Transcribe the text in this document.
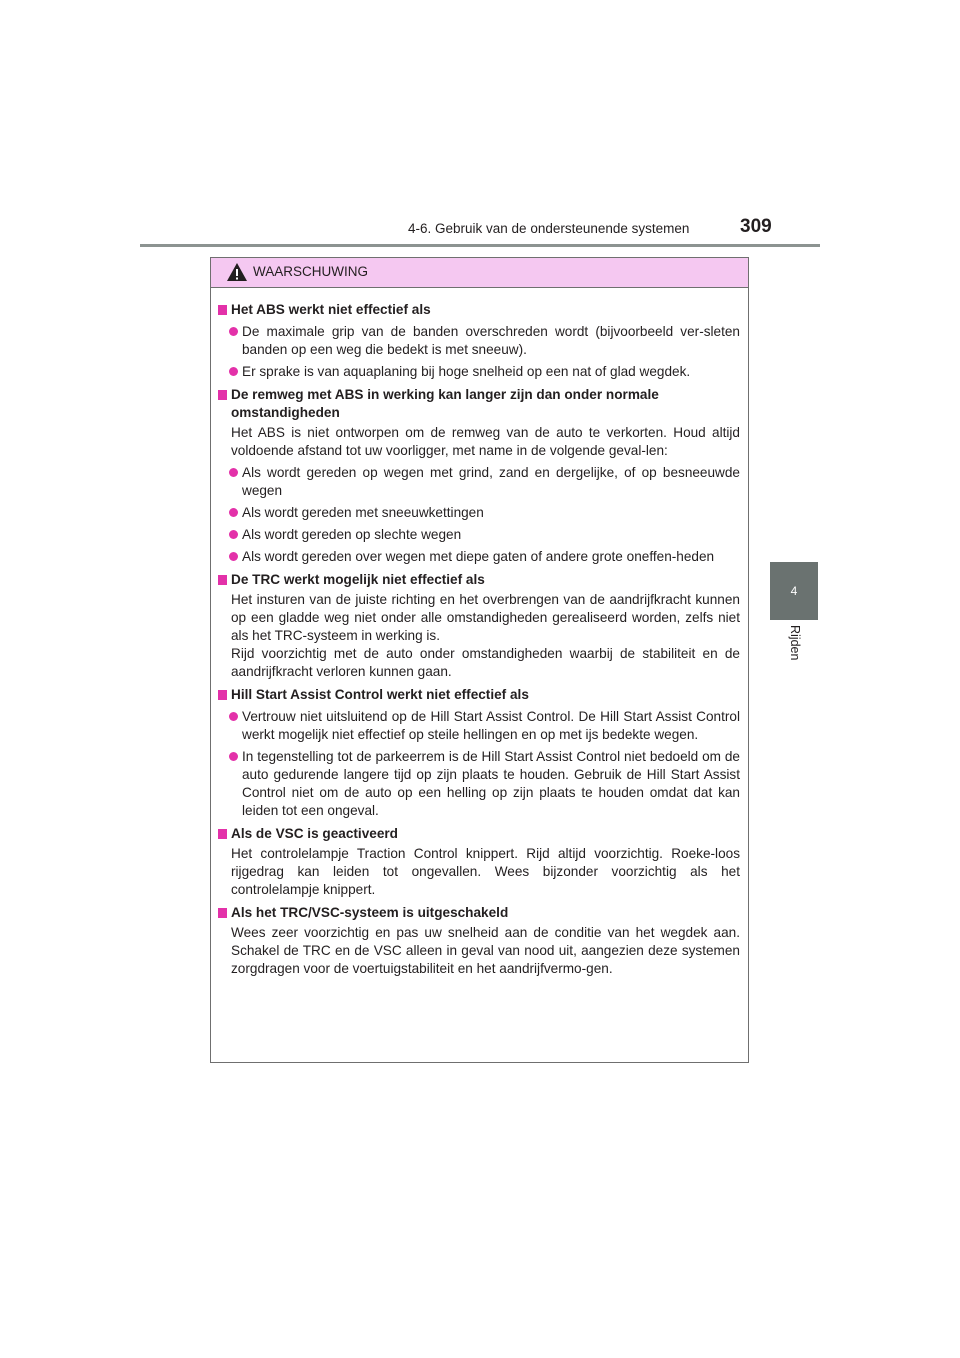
4-6. Gebruik van de ondersteunende systemen	309
4
Rijden
WAARSCHUWING
Het ABS werkt niet effectief als
De maximale grip van de banden overschreden wordt (bijvoorbeeld ver-sleten banden op een weg die bedekt is met sneeuw).
Er sprake is van aquaplaning bij hoge snelheid op een nat of glad wegdek.
De remweg met ABS in werking kan langer zijn dan onder normale omstandigheden
Het ABS is niet ontworpen om de remweg van de auto te verkorten. Houd altijd voldoende afstand tot uw voorligger, met name in de volgende geval-len:
Als wordt gereden op wegen met grind, zand en dergelijke, of op besneeuwde wegen
Als wordt gereden met sneeuwkettingen
Als wordt gereden op slechte wegen
Als wordt gereden over wegen met diepe gaten of andere grote oneffen-heden
De TRC werkt mogelijk niet effectief als
Het insturen van de juiste richting en het overbrengen van de aandrijfkracht kunnen op een gladde weg niet onder alle omstandigheden gerealiseerd worden, zelfs niet als het TRC-systeem in werking is.
Rijd voorzichtig met de auto onder omstandigheden waarbij de stabiliteit en de aandrijfkracht verloren kunnen gaan.
Hill Start Assist Control werkt niet effectief als
Vertrouw niet uitsluitend op de Hill Start Assist Control. De Hill Start Assist Control werkt mogelijk niet effectief op steile hellingen en op met ijs bedekte wegen.
In tegenstelling tot de parkeerrem is de Hill Start Assist Control niet bedoeld om de auto gedurende langere tijd op zijn plaats te houden. Gebruik de Hill Start Assist Control niet om de auto op een helling op zijn plaats te houden omdat dat kan leiden tot een ongeval.
Als de VSC is geactiveerd
Het controlelampje Traction Control knippert. Rijd altijd voorzichtig. Roeke-loos rijgedrag kan leiden tot ongevallen. Wees bijzonder voorzichtig als het controlelampje knippert.
Als het TRC/VSC-systeem is uitgeschakeld
Wees zeer voorzichtig en pas uw snelheid aan de conditie van het wegdek aan. Schakel de TRC en de VSC alleen in geval van nood uit, aangezien deze systemen zorgdragen voor de voertuigstabiliteit en het aandrijfvermo-gen.
